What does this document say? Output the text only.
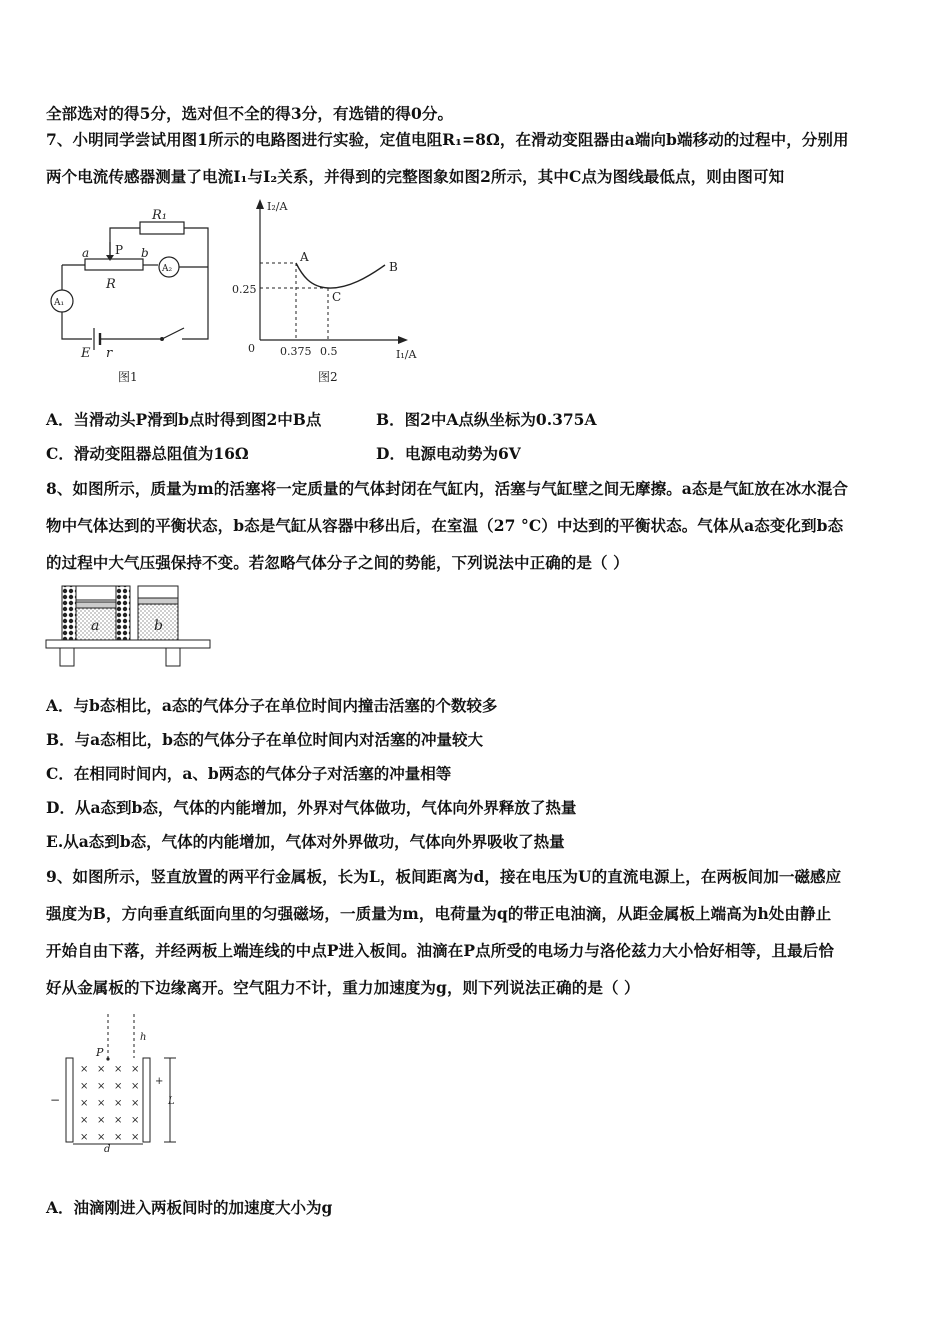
全部选对的得5分，选对但不全的得3分，有选错的得0分。
7、小明同学尝试用图1所示的电路图进行实验，定值电阻R₁=8Ω，在滑动变阻器由a端向b端移动的过程中，分别用
两个电流传感器测量了电流I₁与I₂关系，并得到的完整图象如图2所示，其中C点为图线最低点，则由图可知
R₁
P
a	b
R
A₂
A₁
E r
图1
I₂/A
I₁/A
0
0.25
0.375 0.5
A
B
C
图2
A．当滑动头P滑到b点时得到图2中B点	B．图2中A点纵坐标为0.375A
C．滑动变阻器总阻值为16Ω	D．电源电动势为6V
8、如图所示，质量为m的活塞将一定质量的气体封闭在气缸内，活塞与气缸壁之间无摩擦。a态是气缸放在冰水混合
物中气体达到的平衡状态，b态是气缸从容器中移出后，在室温（27 °C）中达到的平衡状态。气体从a态变化到b态
的过程中大气压强保持不变。若忽略气体分子之间的势能，下列说法中正确的是（ ）
a	b
A．与b态相比，a态的气体分子在单位时间内撞击活塞的个数较多
B．与a态相比，b态的气体分子在单位时间内对活塞的冲量较大
C．在相同时间内，a、b两态的气体分子对活塞的冲量相等
D．从a态到b态，气体的内能增加，外界对气体做功，气体向外界释放了热量
E.从a态到b态，气体的内能增加，气体对外界做功，气体向外界吸收了热量
9、如图所示，竖直放置的两平行金属板，长为L，板间距离为d，接在电压为U的直流电源上，在两板间加一磁感应
强度为B，方向垂直纸面向里的匀强磁场，一质量为m，电荷量为q的带正电油滴，从距金属板上端高为h处由静止
开始自由下落，并经两板上端连线的中点P进入板间。油滴在P点所受的电场力与洛伦兹力大小恰好相等，且最后恰
好从金属板的下边缘离开。空气阻力不计，重力加速度为g，则下列说法正确的是（ ）
h
P
L
d
−
+
× × × ×
× × × ×
× × × ×
× × × ×
× × × ×
A．油滴刚进入两板间时的加速度大小为g
